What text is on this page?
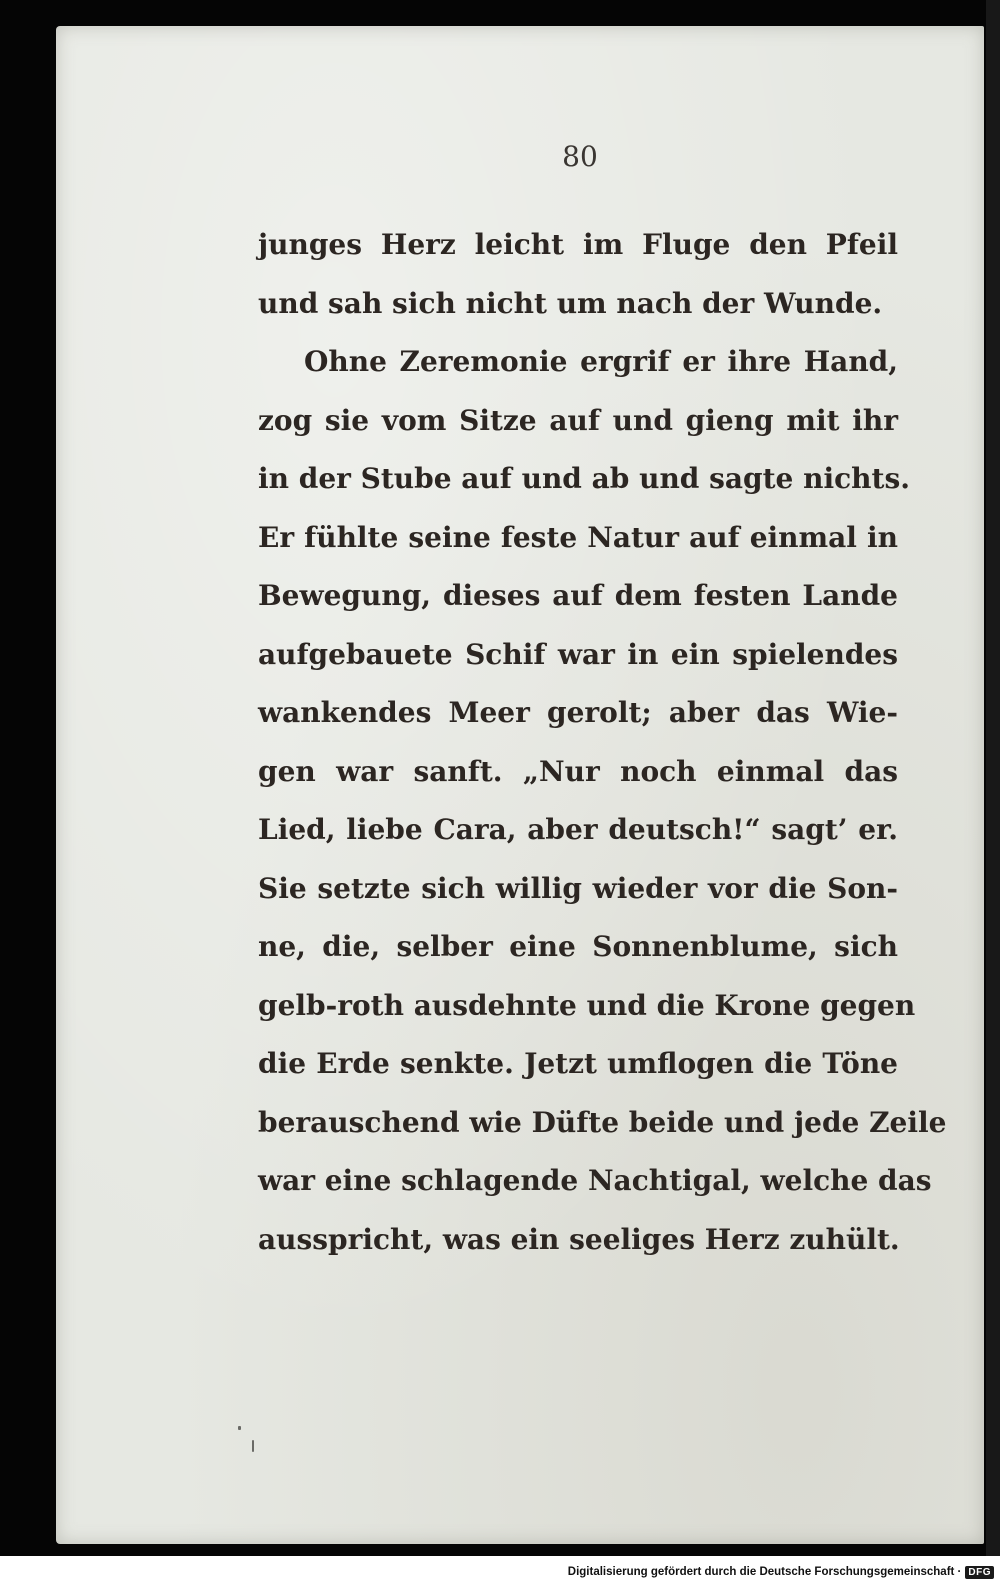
80
junges Herz leicht im Fluge den Pfeil
und sah sich nicht um nach der Wunde.
Ohne Zeremonie ergrif er ihre Hand,
zog sie vom Sitze auf und gieng mit ihr
in der Stube auf und ab und sagte nichts.
Er fühlte seine feste Natur auf einmal in
Bewegung, dieses auf dem festen Lande
aufgebauete Schif war in ein spielendes
wankendes Meer gerolt; aber das Wie-
gen war sanft. „Nur noch einmal das
Lied, liebe Cara, aber deutsch!“ sagt’ er.
Sie setzte sich willig wieder vor die Son-
ne, die, selber eine Sonnenblume, sich
gelb-roth ausdehnte und die Krone gegen
die Erde senkte. Jetzt umflogen die Töne
berauschend wie Düfte beide und jede Zeile
war eine schlagende Nachtigal, welche das
ausspricht, was ein seeliges Herz zuhült.
Digitalisierung gefördert durch die Deutsche Forschungsgemeinschaft · DFG
